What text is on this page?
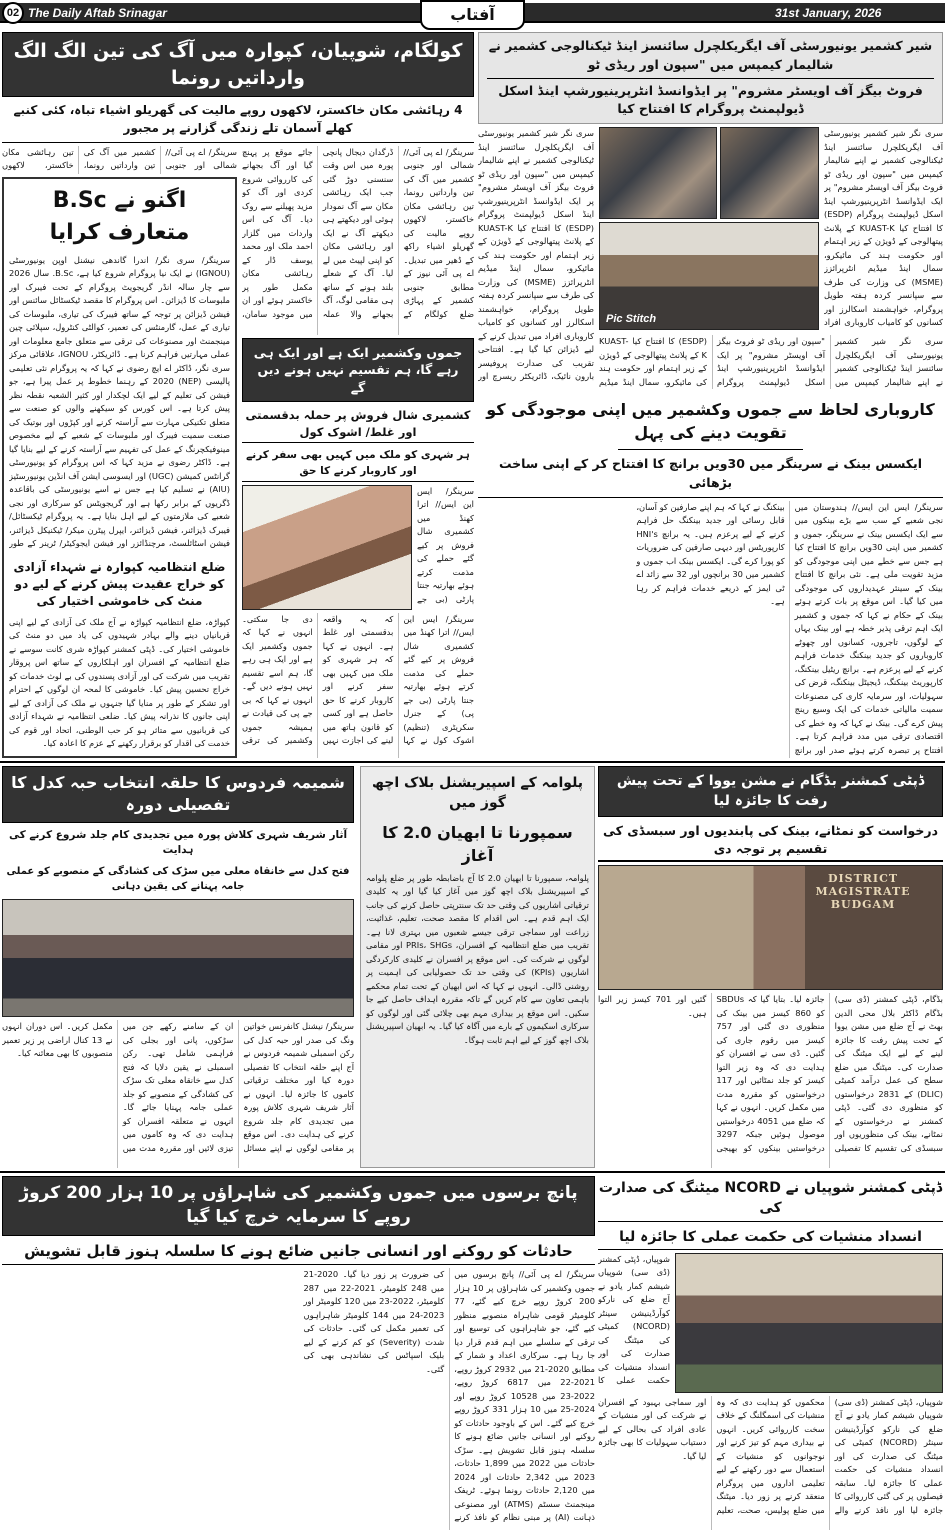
02 The Daily Aftab Srinagar	آفتاب	31st January, 2026
کولگام، شوپیان، کپوارہ میں آگ کی تین الگ الگ وارداتیں رونما
4 رہائشی مکان خاکستر، لاکھوں روپے مالیت کی گھریلو اشیاء تباہ، کئی کنبے کھلے آسمان تلے زندگی گزارنے پر مجبور
سرینگر/ اے پی آئی// شمالی اور جنوبی کشمیر میں آگ کی تین وارداتیں رونما، تین رہائشی مکان خاکستر، لاکھوں
اگنو نے B.Sc متعارف کرایا
سرینگر/ سری نگر/ اندرا گاندھی نیشنل اوپن یونیورسٹی (IGNOU) نے ایک نیا پروگرام شروع کیا ہے، B.Sc. سال 2026 سے چار سالہ انڈر گریجویٹ پروگرام کے تحت فیبرک اور ملبوسات کا ڈیزائن۔ اس پروگرام کا مقصد ٹیکسٹائل سائنس اور فیشن ڈیزائن پر توجہ کے ساتھ فیبرک کی تیاری، ملبوسات کی تیاری کے عمل، گارمنٹس کی تعمیر، کوالٹی کنٹرول، سپلائی چین مینجمنٹ اور مصنوعات کی ترقی سے متعلق جامع معلومات اور عملی مہارتیں فراہم کرنا ہے۔ ڈائریکٹر، IGNOU، علاقائی مرکز سری نگر، ڈاکٹر اے ایچ رضوی نے کہا کہ یہ پروگرام نئی تعلیمی پالیسی (NEP) 2020 کے رہنما خطوط پر عمل پیرا ہے، جو فیشن کی تعلیم کے لیے ایک لچکدار اور کثیر الشعبہ نقطہ نظر پیش کرتا ہے۔ اس کورس کو سیکھنے والوں کو صنعت سے متعلق تکنیکی مہارت سے آراستہ کرنے اور کپڑوں اور بوتیک کی صنعت سمیت فیبرک اور ملبوسات کے شعبے کے لیے مخصوص مینوفیکچرنگ کے عمل کی تفہیم سے آراستہ کرنے کے لیے بنایا گیا ہے۔ ڈاکٹر رضوی نے مزید کہا کہ اس پروگرام کو یونیورسٹی گرانٹس کمیشن (UGC) اور ایسوسی ایشن آف انڈین یونیورسٹیز (AIU) نے تسلیم کیا ہے جس نے اسے یونیورسٹی کی باقاعدہ ڈگریوں کے برابر رکھا ہے اور گریجویٹس کو سرکاری اور نجی شعبے کی ملازمتوں کے لیے اہل بنایا ہے۔ یہ پروگرام ٹیکسٹائل/ فیبرک ڈیزائنر، فیشن ڈیزائنر، ایپرل پیٹرن میکر/ ٹیکنیکل ڈیزائنر، فیشن اسٹائلسٹ، مرچنڈائزر اور فیشن ایجوکیٹر/ ٹرینر کے طور
ضلع انتظامیہ کپوارہ نے شہداء آزادی کو خراج عقیدت پیش کرنے کے لیے دو منٹ کی خاموشی اختیار کی
کپواڑہ، ضلع انتظامیہ کپواڑہ نے آج ملک کی آزادی کے لیے اپنی قربانیاں دینے والے بہادر شہیدوں کی یاد میں دو منٹ کی خاموشی اختیار کی۔ ڈپٹی کمشنر کپواڑہ شری کانت سوسے نے ضلع انتظامیہ کے افسران اور اہلکاروں کے ساتھ اس پروقار تقریب میں شرکت کی اور آزادی پسندوں کی بے لوث خدمات کو خراج تحسین پیش کیا۔ خاموشی کا لمحہ ان لوگوں کے احترام اور تشکر کے طور پر منایا گیا جنہوں نے ملک کی آزادی کے لیے اپنی جانوں کا نذرانہ پیش کیا۔ ضلعی انتظامیہ نے شہداء آزادی کی قربانیوں سے متاثر ہو کر حب الوطنی، اتحاد اور قوم کی خدمت کی اقدار کو برقرار رکھنے کے عزم کا اعادہ کیا۔
سرینگر/ اے پی آئی// شمالی اور جنوبی کشمیر میں آگ کی تین وارداتیں رونما، تین رہائشی مکان خاکستر، لاکھوں روپے مالیت کی گھریلو اشیاء راکھ کے ڈھیر میں تبدیل۔ اے پی آئی نیوز کے مطابق جنوبی کشمیر کے پہاڑی ضلع کولگام کے ڈرگدان دیجال پانچی پورہ میں اس وقت سنسنی دوڑ گئی جب ایک رہائشی مکان سے آگ نمودار ہوئی اور دیکھتے ہی دیکھتے آگ نے ایک اور رہائشی مکان کو اپنی لپیٹ میں لے لیا۔ آگ کے شعلے بلند ہونے کے ساتھ ہی مقامی لوگ، آگ بجھانے والا عملہ جائے موقع پر پہنچ گیا اور آگ بجھانے کی کارروائی شروع کردی اور آگ کو مزید پھیلنے سے روک دیا۔ آگ کی اس واردات میں گلزار احمد ملک اور محمد یوسف ڈار کے رہائشی مکان مکمل طور پر خاکستر ہوئے اور ان میں موجود سامان،
جموں وکشمیر ایک ہے اور ایک ہی رہے گا، ہم تقسیم نہیں ہونے دیں گے
کشمیری شال فروش پر حملہ بدقسمتی اور غلط/ اشوک کول
ہر شہری کو ملک میں کہیں بھی سفر کرنے اور کاروبار کرنے کا حق
سرینگر/ ایس این ایس// اترا کھنڈ میں کشمیری شال فروش پر کیے گئے حملے کی مذمت کرتے ہوئے بھارتیہ جنتا پارٹی (بی جے
سرینگر/ ایس این ایس// اترا کھنڈ میں کشمیری شال فروش پر کیے گئے حملے کی مذمت کرتے ہوئے بھارتیہ جنتا پارٹی (بی جے پی) کے جنرل سکریٹری (تنظیم) اشوک کول نے کہا کہ یہ واقعہ بدقسمتی اور غلط ہے۔ انہوں نے کہا کہ ہر شہری کو ملک میں کہیں بھی سفر کرنے اور کاروبار کرنے کا حق حاصل ہے اور کسی کو قانون ہاتھ میں لینے کی اجازت نہیں دی جا سکتی۔ انہوں نے کہا کہ جموں وکشمیر ایک ہے اور ایک ہی رہے گا، ہم اسے تقسیم نہیں ہونے دیں گے۔ انہوں نے کہا کہ بی جے پی کی قیادت نے ہمیشہ جموں وکشمیر کی ترقی
شیر کشمیر یونیورسٹی آف ایگریکلچرل سائنسز اینڈ ٹیکنالوجی کشمیر نے شالیمار کیمپس میں "سپون اور ریڈی ٹو
فروٹ بیگز آف اویسٹر مشروم" پر ایڈوانسڈ انٹرپرینیورشپ اینڈ اسکل ڈیولپمنٹ پروگرام کا افتتاح کیا
سری نگر شیر کشمیر یونیورسٹی آف ایگریکلچرل سائنسز اینڈ ٹیکنالوجی کشمیر نے اپنے شالیمار کیمپس میں "سپون اور ریڈی ٹو فروٹ بیگز آف اویسٹر مشروم" پر ایک ایڈوانسڈ انٹرپرینیورشپ اینڈ اسکل ڈیولپمنٹ پروگرام (ESDP) کا افتتاح کیا KUAST-K کے پلانٹ پیتھالوجی کے ڈویژن کے زیر اہتمام اور حکومت ہند کی مائیکرو، سمال اینڈ میڈیم انٹرپرائزز (MSME) کی وزارت کی طرف سے سپانسر کردہ ہفتہ طویل پروگرام، خواہشمند اسکالرز اور کسانوں کو کامیاب کاروباری افراد میں تبدیل کرنے کے لیے ڈیزائن کیا گیا ہے۔ افتتاحی تقریب کی صدارت پروفیسر بارون نائیک، ڈائریکٹر ریسرچ اور
Pic Stitch
سری نگر شیر کشمیر یونیورسٹی آف ایگریکلچرل سائنسز اینڈ ٹیکنالوجی کشمیر نے اپنے شالیمار کیمپس میں "سپون اور ریڈی ٹو فروٹ بیگز آف اویسٹر مشروم" پر ایک ایڈوانسڈ انٹرپرینیورشپ اینڈ اسکل ڈیولپمنٹ پروگرام (ESDP) کا افتتاح کیا KUAST-K کے پلانٹ پیتھالوجی کے ڈویژن کے زیر اہتمام اور حکومت ہند کی مائیکرو، سمال اینڈ میڈیم انٹرپرائزز (MSME) کی وزارت کی طرف سے سپانسر کردہ ہفتہ طویل پروگرام، خواہشمند اسکالرز اور کسانوں کو کامیاب کاروباری افراد
سری نگر شیر کشمیر یونیورسٹی آف ایگریکلچرل سائنسز اینڈ ٹیکنالوجی کشمیر نے اپنے شالیمار کیمپس میں "سپون اور ریڈی ٹو فروٹ بیگز آف اویسٹر مشروم" پر ایک ایڈوانسڈ انٹرپرینیورشپ اینڈ اسکل ڈیولپمنٹ پروگرام (ESDP) کا افتتاح کیا KUAST-K کے پلانٹ پیتھالوجی کے ڈویژن کے زیر اہتمام اور حکومت ہند کی مائیکرو، سمال اینڈ میڈیم
کاروباری لحاظ سے جموں وکشمیر میں اپنی موجودگی کو تقویت دینے کی پہل
ایکسس بینک نے سرینگر میں 30ویں برانچ کا افتتاح کر کے اپنی ساخت بڑھائی
سرینگر/ ایس این ایس// ہندوستان میں نجی شعبے کے سب سے بڑے بینکوں میں سے ایک ایکسس بینک نے سرینگر، جموں و کشمیر میں اپنی 30ویں برانچ کا افتتاح کیا ہے جس سے خطے میں اپنی موجودگی کو مزید تقویت ملی ہے۔ نئی برانچ کا افتتاح بینک کے سینئر عہدیداروں کی موجودگی میں کیا گیا۔ اس موقع پر بات کرتے ہوئے بینک کے حکام نے کہا کہ جموں و کشمیر ایک اہم ترقی پذیر خطہ ہے اور بینک یہاں کے لوگوں، تاجروں، کسانوں اور چھوٹے کاروباروں کو جدید بینکنگ خدمات فراہم کرنے کے لیے پرعزم ہے۔ برانچ ریٹیل بینکنگ، کارپوریٹ بینکنگ، ڈیجیٹل بینکنگ، قرض کی سہولیات، اور سرمایہ کاری کی مصنوعات سمیت مالیاتی خدمات کی ایک وسیع رینج پیش کرے گی۔ بینک نے کہا کہ وہ خطے کی اقتصادی ترقی میں مدد فراہم کرتا ہے۔ افتتاح پر تبصرہ کرتے ہوئے صدر اور برانچ بینکنگ نے کہا کہ ہم اپنے صارفین کو آسان، قابل رسائی اور جدید بینکنگ حل فراہم کرنے کے لیے پرعزم ہیں۔ یہ برانچ HNI's کارپوریٹس اور دیہی صارفین کی ضروریات کو پورا کرے گی۔ ایکسس بینک اب جموں و کشمیر میں 30 برانچوں اور 32 سے زائد اے ٹی ایمز کے ذریعے خدمات فراہم کر رہا ہے۔
شمیمہ فردوس کا حلقہ انتخاب حبہ کدل کا تفصیلی دورہ
آثار شریف شہری کلاش پورہ میں تجدیدی کام جلد شروع کرنے کی ہدایت
فتح کدل سے خانقاہ معلی میں سڑک کی کشادگی کے منصوبے کو عملی جامہ پہنانے کی یقین دہانی
سرینگر/ نیشنل کانفرنس خواتین ونگ کی صدر اور حبہ کدل کی رکن اسمبلی شمیمہ فردوس نے آج اپنے حلقہ انتخاب کا تفصیلی دورہ کیا اور مختلف ترقیاتی کاموں کا جائزہ لیا۔ انہوں نے آثار شریف شہری کلاش پورہ میں تجدیدی کام جلد شروع کرنے کی ہدایت دی۔ اس موقع پر مقامی لوگوں نے اپنے مسائل ان کے سامنے رکھے جن میں سڑکوں، پانی اور بجلی کی فراہمی شامل تھی۔ رکن اسمبلی نے یقین دلایا کہ فتح کدل سے خانقاہ معلی تک سڑک کی کشادگی کے منصوبے کو جلد عملی جامہ پہنایا جائے گا۔ انہوں نے متعلقہ افسران کو ہدایت دی کہ وہ کاموں میں تیزی لائیں اور مقررہ مدت میں مکمل کریں۔ اس دوران انہوں نے 13 کنال اراضی پر زیر تعمیر منصوبوں کا بھی معائنہ کیا۔
پلوامہ کے اسپیریشنل بلاک اچھ گوز میں
سمپورنا تا ابھیان 2.0 کا آغاز
پلوامہ، سمپورنا تا ابھیان 2.0 کا آج باضابطہ طور پر ضلع پلوامہ کے اسپیریشنل بلاک اچھ گوز میں آغاز کیا گیا اور یہ کلیدی ترقیاتی اشاریوں کی وقتی حد تک سنترپتی حاصل کرنے کی جانب ایک اہم قدم ہے۔ اس اقدام کا مقصد صحت، تعلیم، غذائیت، زراعت اور سماجی ترقی جیسے شعبوں میں بہتری لانا ہے۔ تقریب میں ضلع انتظامیہ کے افسران، PRIs، SHGs اور مقامی لوگوں نے شرکت کی۔ اس موقع پر افسران نے کلیدی کارکردگی اشاریوں (KPIs) کی وقتی حد تک حصولیابی کی اہمیت پر روشنی ڈالی۔ انہوں نے کہا کہ اس ابھیان کے تحت تمام محکمے باہمی تعاون سے کام کریں گے تاکہ مقررہ اہداف حاصل کیے جا سکیں۔ اس موقع پر بیداری مہم بھی چلائی گئی اور لوگوں کو سرکاری اسکیموں کے بارے میں آگاہ کیا گیا۔ یہ ابھیان اسپیریشنل بلاک اچھ گوز کے لیے اہم ثابت ہوگا۔
ڈپٹی کمشنر بڈگام نے مشن یووا کے تحت پیش رفت کا جائزہ لیا
درخواست کو نمٹانے، بینک کی پابندیوں اور سبسڈی کی تقسیم پر توجہ دی
DISTRICT MAGISTRATE BUDGAM
بڈگام، ڈپٹی کمشنر (ڈی سی) بڈگام ڈاکٹر بلال محی الدین بھٹ نے آج ضلع میں مشن یووا کے تحت پیش رفت کا جائزہ لینے کے لیے ایک میٹنگ کی صدارت کی۔ میٹنگ میں ضلع سطح کی عمل درآمد کمیٹی (DLIC) کے 2831 درخواستوں کو منظوری دی گئی۔ ڈپٹی کمشنر نے درخواستوں کے نمٹانے، بینک کی منظوریوں اور سبسڈی کی تقسیم کا تفصیلی جائزہ لیا۔ بتایا گیا کہ SBDUs کو 860 کیسز میں بینک کی منظوری دی گئی اور 757 کیسز میں رقوم جاری کی گئیں۔ ڈی سی نے افسران کو ہدایت دی کہ وہ زیر التوا کیسز کو جلد نمٹائیں اور 117 درخواستوں کو مقررہ مدت میں مکمل کریں۔ انہوں نے کہا کہ ضلع میں 4051 درخواستیں موصول ہوئیں جبکہ 3297 درخواستیں بینکوں کو بھیجی گئیں اور 701 کیسز زیر التوا ہیں۔
پانچ برسوں میں جموں وکشمیر کی شاہراؤں پر 10 ہزار 200 کروڑ روپے کا سرمایہ خرچ کیا گیا
حادثات کو روکنے اور انسانی جانیں ضائع ہونے کا سلسلہ ہنوز قابل تشویش
سرینگر/ اے پی آئی// پانچ برسوں میں جموں وکشمیر کی شاہراؤں پر 10 ہزار 200 کروڑ روپے خرچ کیے گئے، 77 کلومیٹر قومی شاہراہ منصوبے منظور کیے گئے، جو شاہراہوں کی توسیع اور ترقی کے سلسلے میں اہم قدم قرار دیا جا رہا ہے۔ سرکاری اعداد و شمار کے مطابق 2020-21 میں 2932 کروڑ روپے، 2021-22 میں 6817 کروڑ روپے، 2022-23 میں 10528 کروڑ روپے اور 2024-25 میں 10 ہزار 331 کروڑ روپے خرچ کیے گئے۔ اس کے باوجود حادثات کو روکنے اور انسانی جانیں ضائع ہونے کا سلسلہ ہنوز قابل تشویش ہے۔ سڑک حادثات میں 2022 میں 1,899 حادثات، 2023 میں 2,342 حادثات اور 2024 میں 2,120 حادثات رونما ہوئے۔ ٹریفک مینجمنٹ سسٹم (ATMS) اور مصنوعی ذہانت (AI) پر مبنی نظام کو نافذ کرنے کی ضرورت پر زور دیا گیا۔ 2020-21 میں 248 کلومیٹر، 2021-22 میں 287 کلومیٹر، 2022-23 میں 120 کلومیٹر اور 2023-24 میں 144 کلومیٹر شاہراہوں کی تعمیر مکمل کی گئی۔ حادثات کی شدت (Severity) کو کم کرنے کے لیے بلیک اسپاٹس کی نشاندہی بھی کی گئی۔
ڈپٹی کمشنر شوپیاں نے NCORD میٹنگ کی صدارت کی
انسداد منشیات کی حکمت عملی کا جائزہ لیا
شوپیاں، ڈپٹی کمشنر (ڈی سی) شوپیاں شیشم کمار یادو نے آج ضلع کی نارکو کوآرڈینیشن سینٹر (NCORD) کمیٹی کی میٹنگ کی صدارت کی اور انسداد منشیات کی حکمت عملی کا
شوپیاں، ڈپٹی کمشنر (ڈی سی) شوپیاں شیشم کمار یادو نے آج ضلع کی نارکو کوآرڈینیشن سینٹر (NCORD) کمیٹی کی میٹنگ کی صدارت کی اور انسداد منشیات کی حکمت عملی کا جائزہ لیا۔ سابقہ فیصلوں پر کی گئی کارروائی کا جائزہ لیا اور نافذ کرنے والے محکموں کو ہدایت دی کہ وہ منشیات کی اسمگلنگ کے خلاف سخت کارروائی کریں۔ انہوں نے بیداری مہم کو تیز کرنے اور نوجوانوں کو منشیات کے استعمال سے دور رکھنے کے لیے تعلیمی اداروں میں پروگرام منعقد کرنے پر زور دیا۔ میٹنگ میں ضلع پولیس، صحت، تعلیم اور سماجی بہبود کے افسران نے شرکت کی اور منشیات کے عادی افراد کی بحالی کے لیے دستیاب سہولیات کا بھی جائزہ لیا گیا۔
